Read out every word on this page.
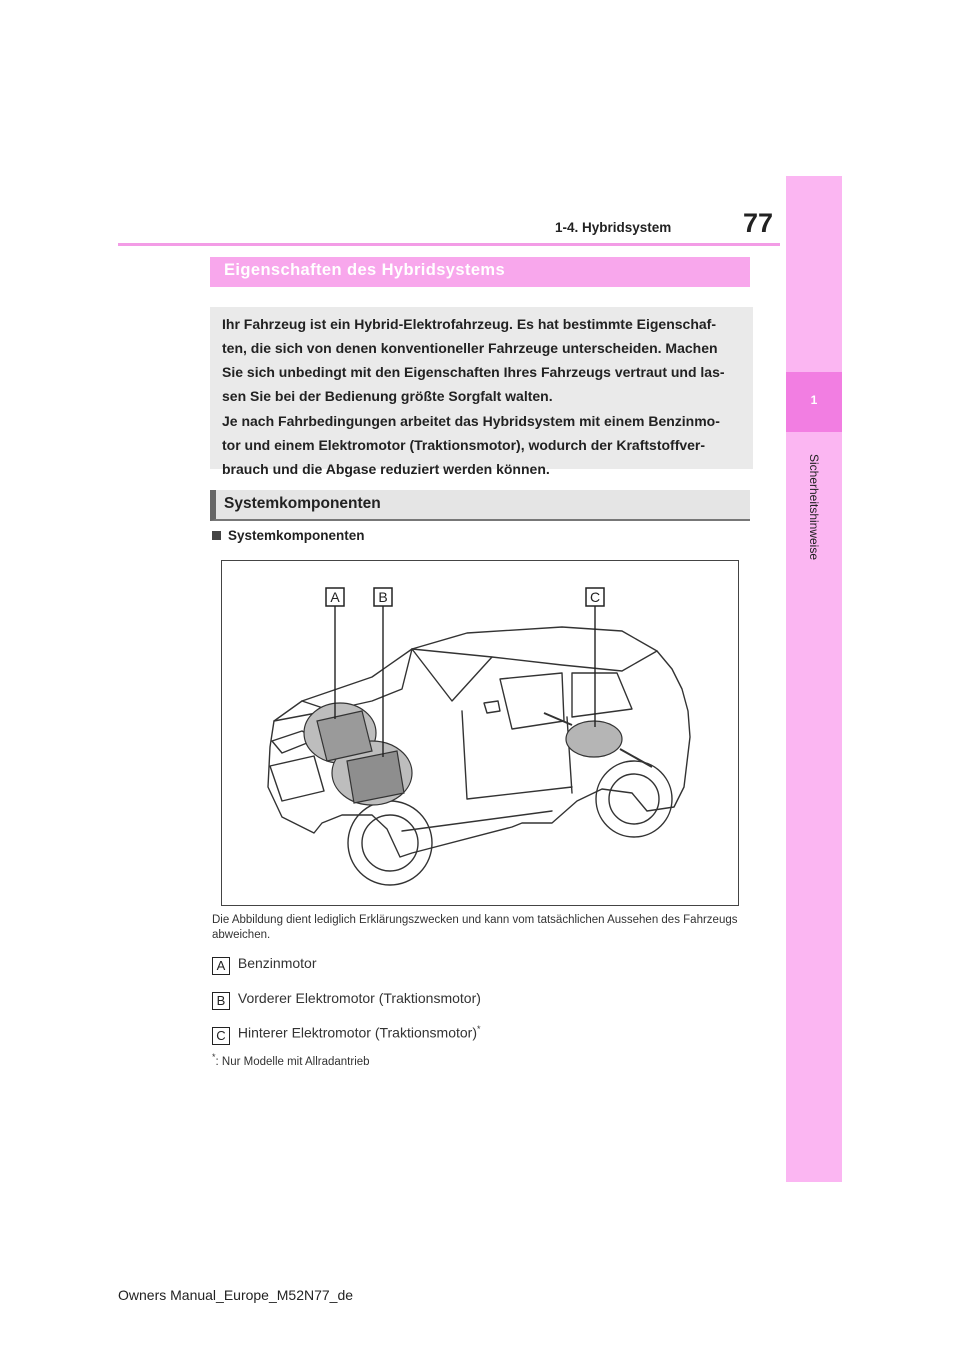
77
1-4. Hybridsystem
1
Sicherheitshinweise
Eigenschaften des Hybridsystems

Ihr Fahrzeug ist ein Hybrid-Elektrofahrzeug. Es hat bestimmte Eigenschaf-

ten, die sich von denen konventioneller Fahrzeuge unterscheiden. Machen

Sie sich unbedingt mit den Eigenschaften Ihres Fahrzeugs vertraut und las-

sen Sie bei der Bedienung größte Sorgfalt walten.

Je nach Fahrbedingungen arbeitet das Hybridsystem mit einem Benzinmo-

tor und einem Elektromotor (Traktionsmotor), wodurch der Kraftstoffver-

brauch und die Abgase reduziert werden können.

Systemkomponenten
Systemkomponenten
A	B	C
Die Abbildung dient lediglich Erklärungszwecken und kann vom tatsächlichen Aussehen des Fahrzeugs abweichen.
A Benzinmotor
B Vorderer Elektromotor (Traktionsmotor)
C Hinterer Elektromotor (Traktionsmotor)*
*: Nur Modelle mit Allradantrieb
Owners Manual_Europe_M52N77_de
